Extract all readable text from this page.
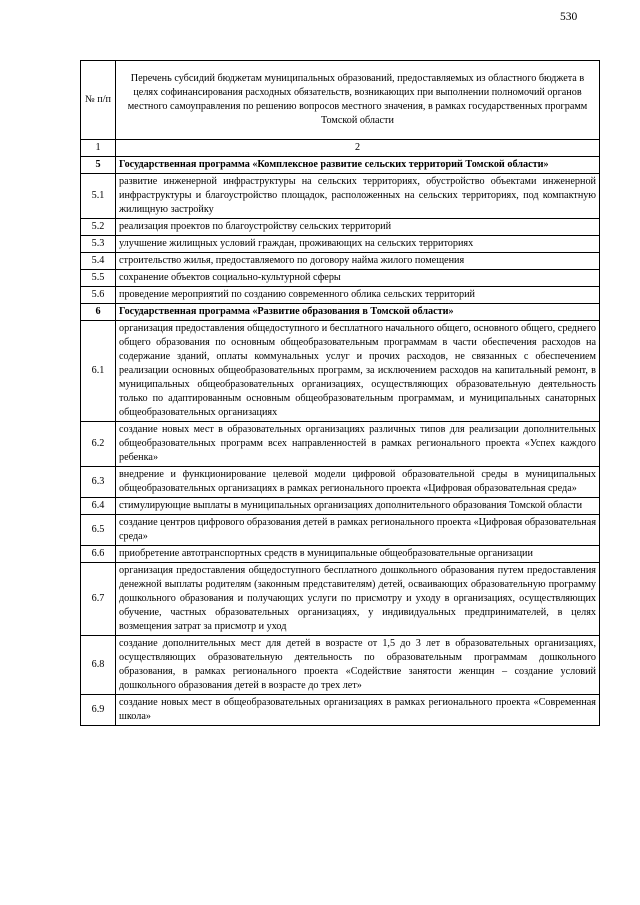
530
№ п/п	Перечень субсидий бюджетам муниципальных образований, предоставляемых из областного бюджета в целях софинансирования расходных обязательств, возникающих при выполнении полномочий органов местного самоуправления по решению вопросов местного значения, в рамках государственных программ Томской области
1	2
5	Государственная программа «Комплексное развитие сельских территорий Томской области»
5.1	развитие инженерной инфраструктуры на сельских территориях, обустройство объектами инженерной инфраструктуры и благоустройство площадок, расположенных на сельских территориях, под компактную жилищную застройку
5.2	реализация проектов по благоустройству сельских территорий
5.3	улучшение жилищных условий граждан, проживающих на сельских территориях
5.4	строительство жилья, предоставляемого по договору найма жилого помещения
5.5	сохранение объектов социально-культурной сферы
5.6	проведение мероприятий по созданию современного облика сельских территорий
6	Государственная программа «Развитие образования в Томской области»
6.1	организация предоставления общедоступного и бесплатного начального общего, основного общего, среднего общего образования по основным общеобразовательным программам в части обеспечения расходов на содержание зданий, оплаты коммунальных услуг и прочих расходов, не связанных с обеспечением реализации основных общеобразовательных программ, за исключением расходов на капитальный ремонт, в муниципальных общеобразовательных организациях, осуществляющих образовательную деятельность только по адаптированным основным общеобразовательным программам, и муниципальных санаторных общеобразовательных организациях
6.2	создание новых мест в образовательных организациях различных типов для реализации дополнительных общеобразовательных программ всех направленностей в рамках регионального проекта «Успех каждого ребенка»
6.3	внедрение и функционирование целевой модели цифровой образовательной среды в муниципальных общеобразовательных организациях в рамках регионального проекта «Цифровая образовательная среда»
6.4	стимулирующие выплаты в муниципальных организациях дополнительного образования Томской области
6.5	создание центров цифрового образования детей в рамках регионального проекта «Цифровая образовательная среда»
6.6	приобретение автотранспортных средств в муниципальные общеобразовательные организации
6.7	организация предоставления общедоступного бесплатного дошкольного образования путем предоставления денежной выплаты родителям (законным представителям) детей, осваивающих образовательную программу дошкольного образования и получающих услуги по присмотру и уходу в организациях, осуществляющих обучение, частных образовательных организациях, у индивидуальных предпринимателей, в целях возмещения затрат за присмотр и уход
6.8	создание дополнительных мест для детей в возрасте от 1,5 до 3 лет в образовательных организациях, осуществляющих образовательную деятельность по образовательным программам дошкольного образования, в рамках регионального проекта «Содействие занятости женщин – создание условий дошкольного образования детей в возрасте до трех лет»
6.9	создание новых мест в общеобразовательных организациях в рамках регионального проекта «Современная школа»
